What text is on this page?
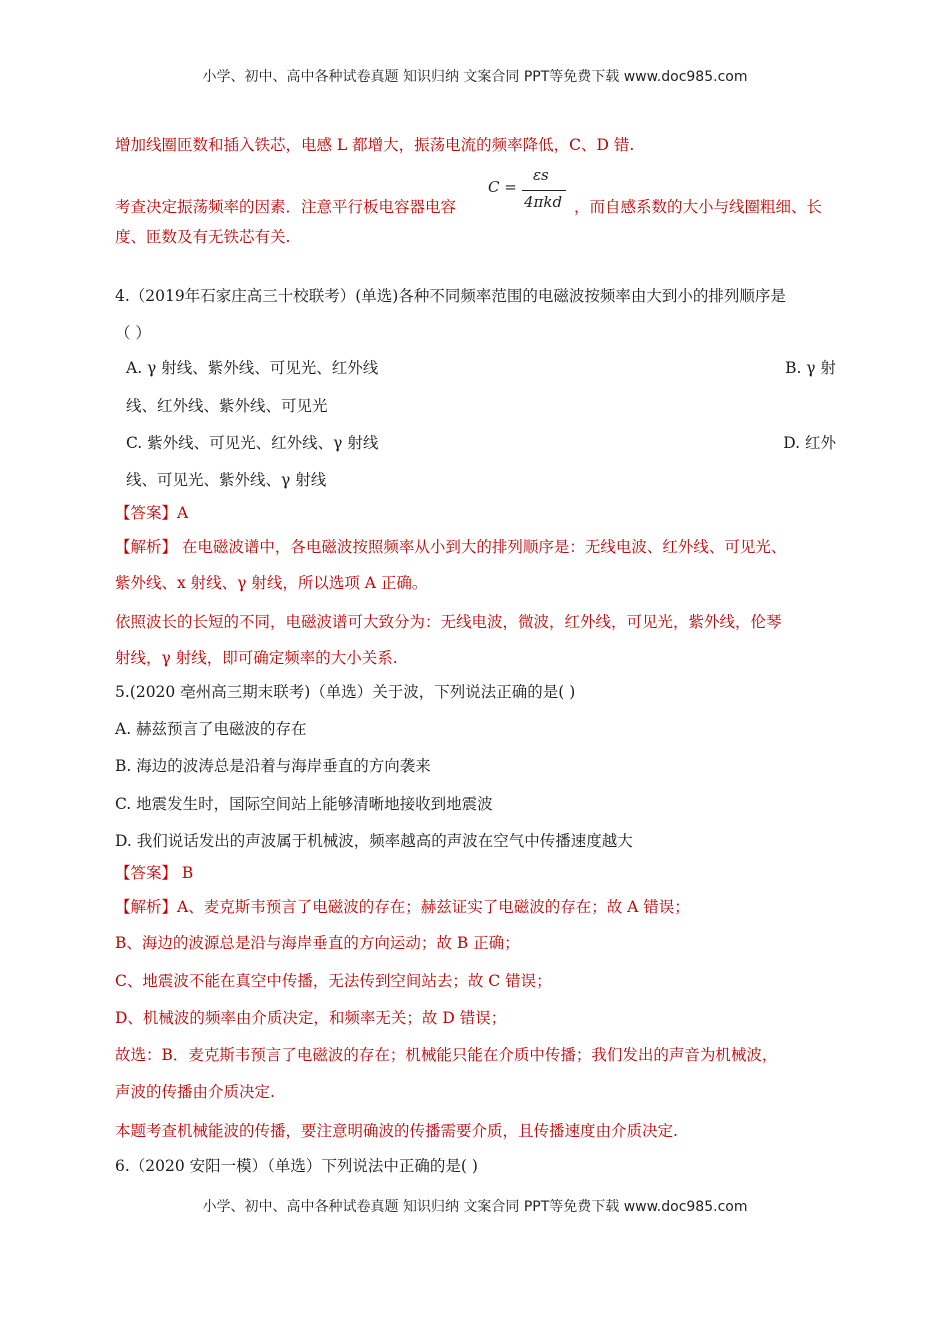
小学、初中、高中各种试卷真题 知识归纳 文案合同 PPT等免费下载 www.doc985.com
增加线圈匝数和插入铁芯，电感 L 都增大，振荡电流的频率降低，C、D 错.
考查决定振荡频率的因素．注意平行板电容器电容
C =
εs
4πkd ，而自感系数的大小与线圈粗细、长
度、匝数及有无铁芯有关.
4.（2019年石家庄高三十校联考）(单选)各种不同频率范围的电磁波按频率由大到小的排列顺序是
（ ）
A. γ 射线、紫外线、可见光、红外线	B. γ 射
线、红外线、紫外线、可见光
C. 紫外线、可见光、红外线、γ 射线	D. 红外
线、可见光、紫外线、γ 射线
【答案】A
【解析】 在电磁波谱中，各电磁波按照频率从小到大的排列顺序是：无线电波、红外线、可见光、
紫外线、x 射线、γ 射线，所以选项 A 正确。
依照波长的长短的不同，电磁波谱可大致分为：无线电波，微波，红外线，可见光，紫外线，伦琴
射线，γ 射线，即可确定频率的大小关系.
5.(2020 亳州高三期末联考)（单选）关于波，下列说法正确的是( )
A. 赫兹预言了电磁波的存在
B. 海边的波涛总是沿着与海岸垂直的方向袭来
C. 地震发生时，国际空间站上能够清晰地接收到地震波
D. 我们说话发出的声波属于机械波，频率越高的声波在空气中传播速度越大
【答案】 B
【解析】A、麦克斯韦预言了电磁波的存在；赫兹证实了电磁波的存在；故 A 错误；
B、海边的波源总是沿与海岸垂直的方向运动；故 B 正确；
C、地震波不能在真空中传播，无法传到空间站去；故 C 错误；
D、机械波的频率由介质决定，和频率无关；故 D 错误；
故选：B．麦克斯韦预言了电磁波的存在；机械能只能在介质中传播；我们发出的声音为机械波，
声波的传播由介质决定.
本题考查机械能波的传播，要注意明确波的传播需要介质，且传播速度由介质决定.
6.（2020 安阳一模）（单选）下列说法中正确的是( )
小学、初中、高中各种试卷真题 知识归纳 文案合同 PPT等免费下载 www.doc985.com
